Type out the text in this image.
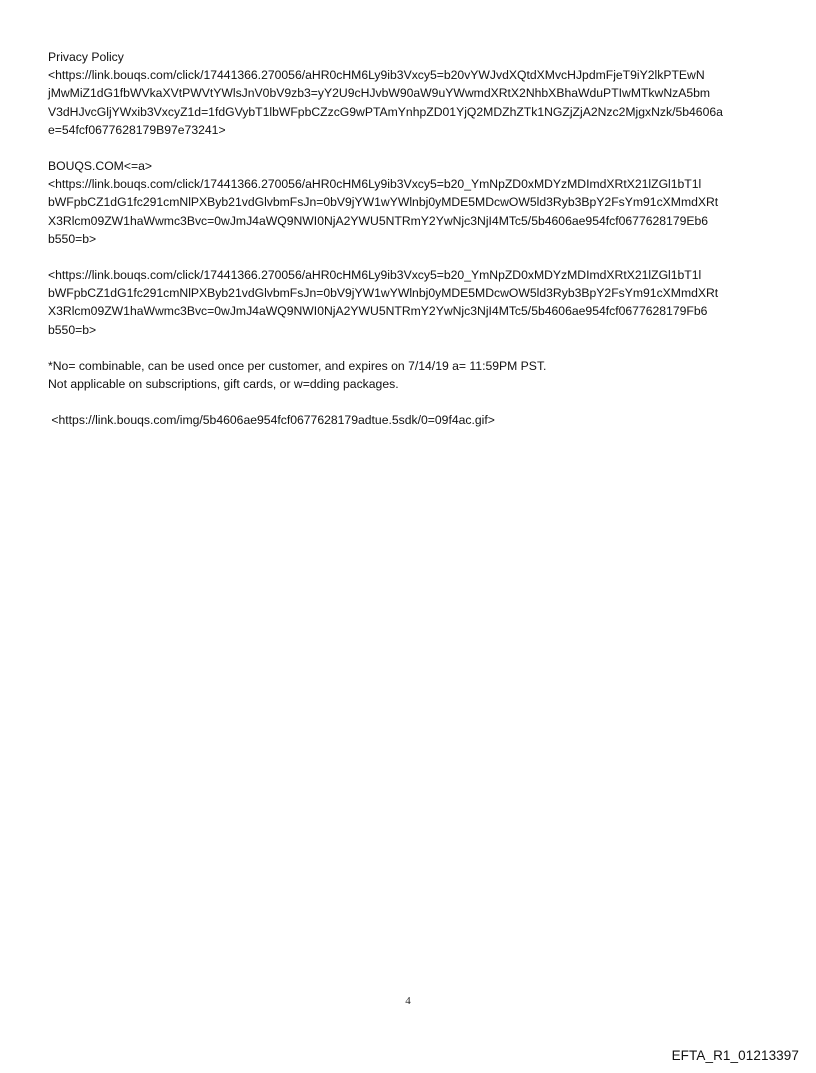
Privacy Policy
<https://link.bouqs.com/click/17441366.270056/aHR0cHM6Ly9ib3Vxcy5=b20vYWJvdXQtdXMvcHJpdmFjeT9iY2lkPTEwN
jMwMiZ1dG1fbWVkaXVtPWVtYWlsJnV0bV9zb3=yY2U9cHJvbW90aW9uYWwmdXRtX2NhbXBhaWduPTIwMTkwNzA5bm
V3dHJvcGljYWxib3VxcyZ1d=1fdGVybT1lbWFpbCZzcG9wPTAmYnhpZD01YjQ2MDZhZTk1NGZjZjA2Nzc2MjgxNzk/5b4606a
e=54fcf0677628179B97e73241>
BOUQS.COM<=a>
<https://link.bouqs.com/click/17441366.270056/aHR0cHM6Ly9ib3Vxcy5=b20_YmNpZD0xMDYzMDImdXRtX21lZGl1bT1l
bWFpbCZ1dG1fc291cmNlPXByb21vdGlvbmFsJn=0bV9jYW1wYWlnbj0yMDE5MDcwOW5ld3Ryb3BpY2FsYm91cXMmdXRt
X3Rlcm09ZW1haWwmc3Bvc=0wJmJ4aWQ9NWI0NjA2YWU5NTRmY2YwNjc3NjI4MTc5/5b4606ae954fcf0677628179Eb6
b550=b>
<https://link.bouqs.com/click/17441366.270056/aHR0cHM6Ly9ib3Vxcy5=b20_YmNpZD0xMDYzMDImdXRtX21lZGl1bT1l
bWFpbCZ1dG1fc291cmNlPXByb21vdGlvbmFsJn=0bV9jYW1wYWlnbj0yMDE5MDcwOW5ld3Ryb3BpY2FsYm91cXMmdXRt
X3Rlcm09ZW1haWwmc3Bvc=0wJmJ4aWQ9NWI0NjA2YWU5NTRmY2YwNjc3NjI4MTc5/5b4606ae954fcf0677628179Fb6
b550=b>
*No= combinable, can be used once per customer, and expires on 7/14/19 a= 11:59PM PST.
Not applicable on subscriptions, gift cards, or w=dding packages.
<https://link.bouqs.com/img/5b4606ae954fcf0677628179adtue.5sdk/0=09f4ac.gif>
4
EFTA_R1_01213397
